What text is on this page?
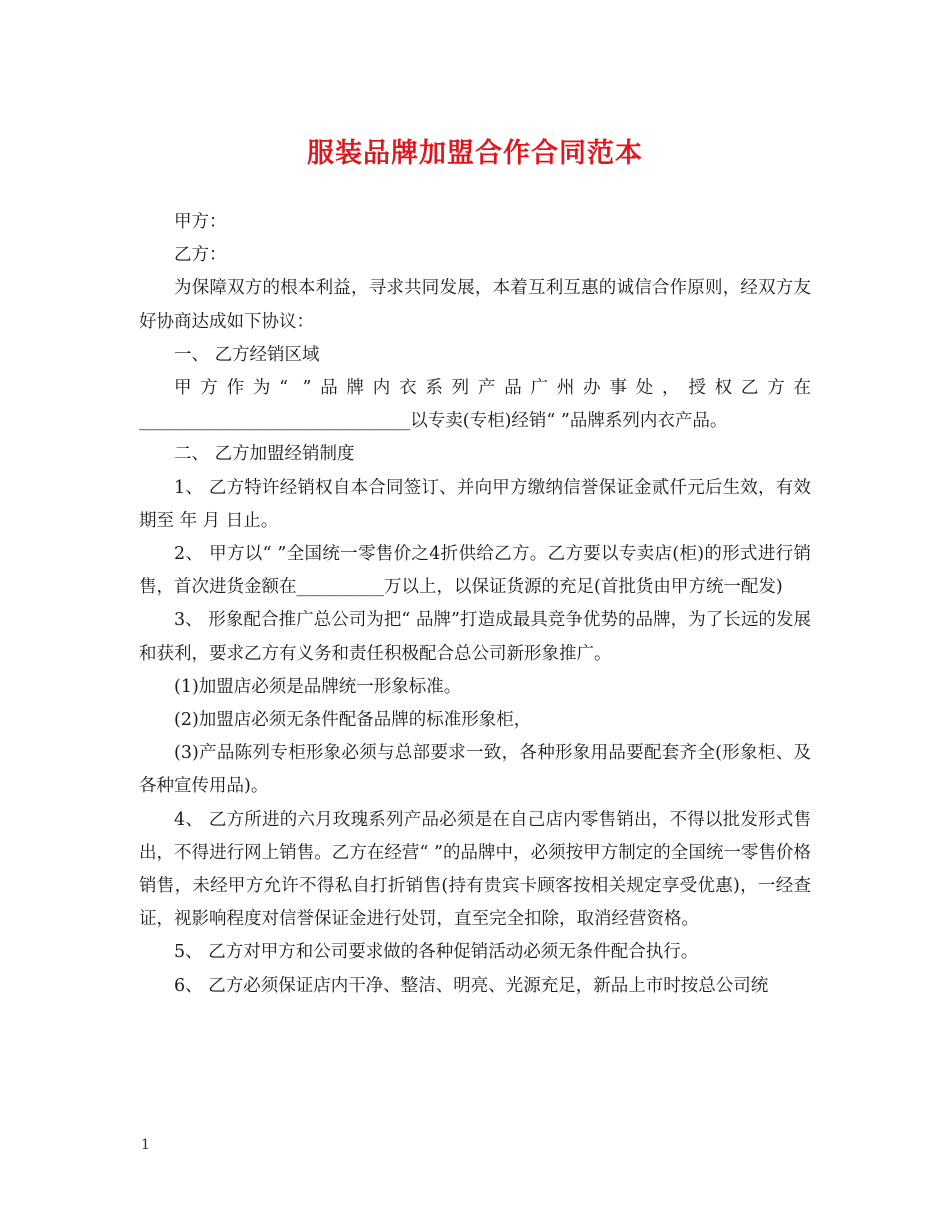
服装品牌加盟合作合同范本

甲方：

乙方：

为保障双方的根本利益，寻求共同发展，本着互利互惠的诚信合作原则，经双方友好协商达成如下协议：

一、 乙方经销区域

甲方作为“ ”品牌内衣系列产品广州办事处，授权乙方在_______________________________以专卖(专柜)经销“ ”品牌系列内衣产品。

二、 乙方加盟经销制度

1、 乙方特许经销权自本合同签订、并向甲方缴纳信誉保证金贰仟元后生效，有效期至 年 月 日止。

2、 甲方以“ ”全国统一零售价之4折供给乙方。乙方要以专卖店(柜)的形式进行销售，首次进货金额在__________万以上，以保证货源的充足(首批货由甲方统一配发)

3、 形象配合推广总公司为把“ 品牌”打造成最具竞争优势的品牌，为了长远的发展和获利，要求乙方有义务和责任积极配合总公司新形象推广。

(1)加盟店必须是品牌统一形象标准。

(2)加盟店必须无条件配备品牌的标准形象柜，

(3)产品陈列专柜形象必须与总部要求一致，各种形象用品要配套齐全(形象柜、及各种宣传用品)。

4、 乙方所进的六月玫瑰系列产品必须是在自己店内零售销出，不得以批发形式售出，不得进行网上销售。乙方在经营“ ”的品牌中，必须按甲方制定的全国统一零售价格销售，未经甲方允许不得私自打折销售(持有贵宾卡顾客按相关规定享受优惠)，一经查证，视影响程度对信誉保证金进行处罚，直至完全扣除，取消经营资格。

5、 乙方对甲方和公司要求做的各种促销活动必须无条件配合执行。

6、 乙方必须保证店内干净、整洁、明亮、光源充足，新品上市时按总公司统

1
